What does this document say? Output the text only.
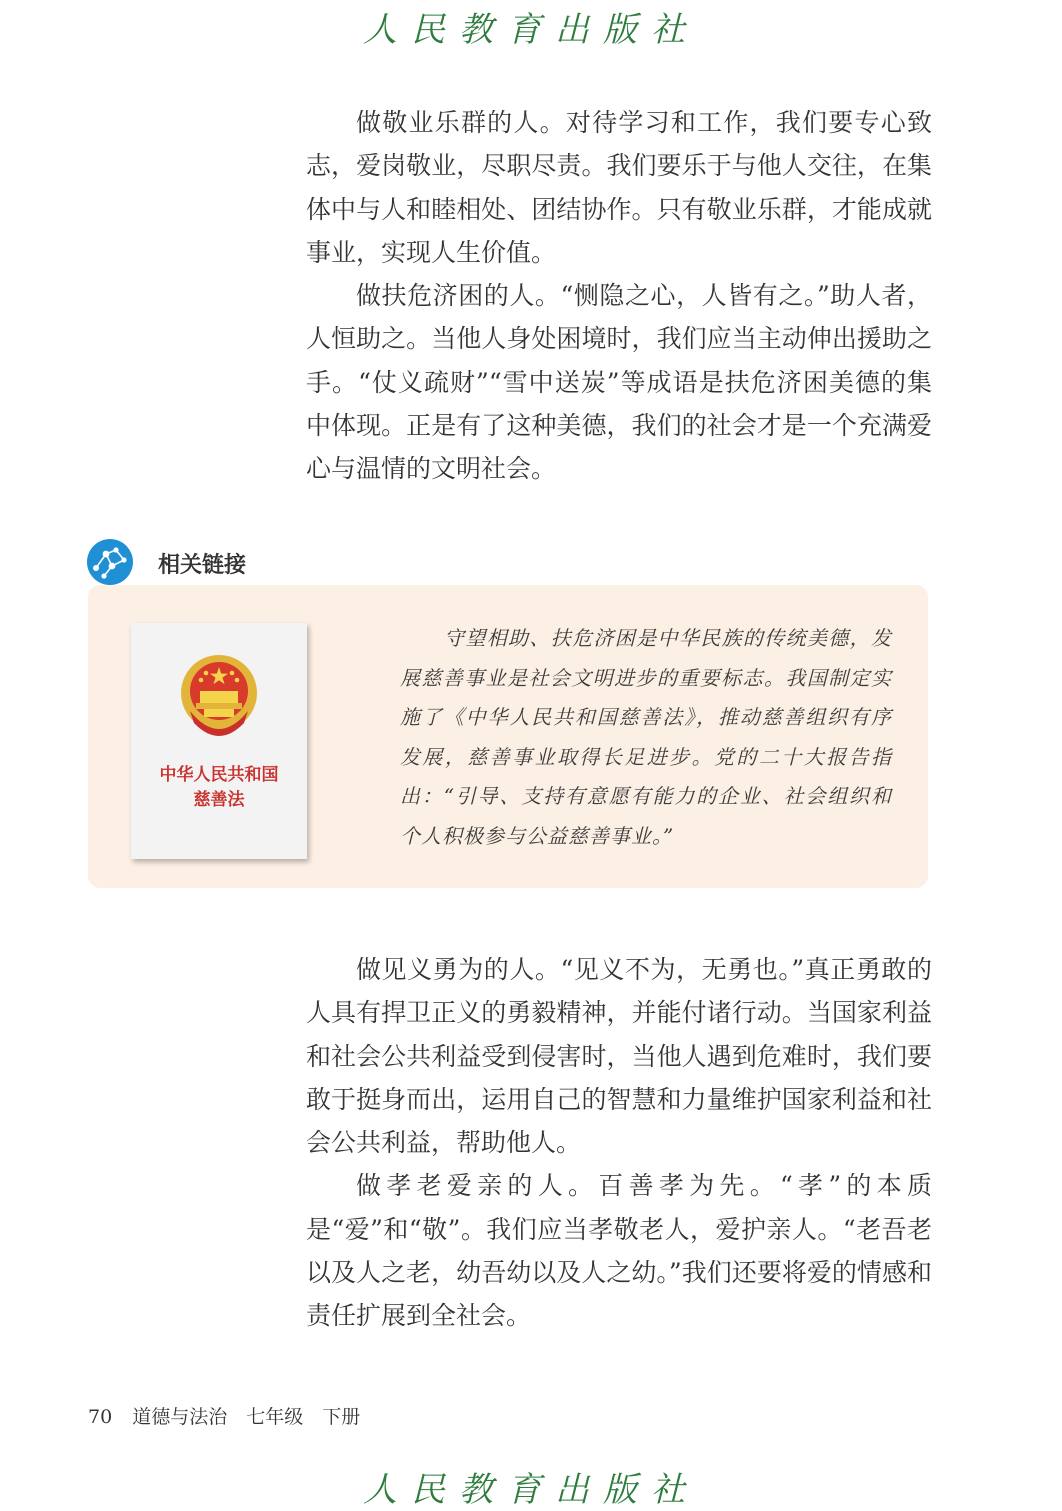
人民教育出版社

做敬业乐群的人。对待学习和工作，我们要专心致志，爱岗敬业，尽职尽责。我们要乐于与他人交往，在集体中与人和睦相处、团结协作。只有敬业乐群，才能成就事业，实现人生价值。

做扶危济困的人。“恻隐之心，人皆有之。”助人者，人恒助之。当他人身处困境时，我们应当主动伸出援助之手。“仗义疏财”“雪中送炭”等成语是扶危济困美德的集中体现。正是有了这种美德，我们的社会才是一个充满爱心与温情的文明社会。

相关链接
中华人民共和国
慈善法

守望相助、扶危济困是中华民族的传统美德，发展慈善事业是社会文明进步的重要标志。我国制定实施了《中华人民共和国慈善法》，推动慈善组织有序发展，慈善事业取得长足进步。党的二十大报告指出：“引导、支持有意愿有能力的企业、社会组织和个人积极参与公益慈善事业。”

做见义勇为的人。“见义不为，无勇也。”真正勇敢的人具有捍卫正义的勇毅精神，并能付诸行动。当国家利益和社会公共利益受到侵害时，当他人遇到危难时，我们要敢于挺身而出，运用自己的智慧和力量维护国家利益和社会公共利益，帮助他人。

做孝老爱亲的人。百善孝为先。“孝”的本质是“爱”和“敬”。我们应当孝敬老人，爱护亲人。“老吾老以及人之老，幼吾幼以及人之幼。”我们还要将爱的情感和责任扩展到全社会。

70 道德与法治　七年级　下册
人民教育出版社
